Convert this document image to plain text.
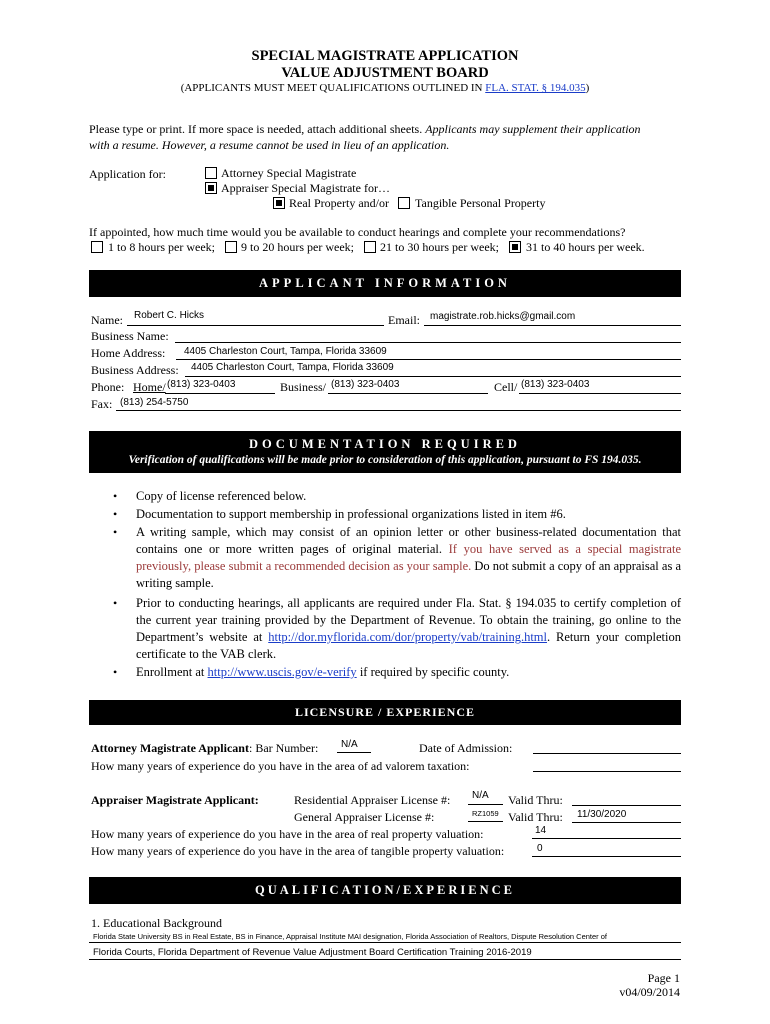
SPECIAL MAGISTRATE APPLICATION
VALUE ADJUSTMENT BOARD
(APPLICANTS MUST MEET QUALIFICATIONS OUTLINED IN FLA. STAT. § 194.035)
Please type or print. If more space is needed, attach additional sheets. Applicants may supplement their application
with a resume. However, a resume cannot be used in lieu of an application.
Application for:	Attorney Special Magistrate
Appraiser Special Magistrate for…
Real Property and/or Tangible Personal Property
If appointed, how much time would you be available to conduct hearings and complete your recommendations?
1 to 8 hours per week; 9 to 20 hours per week; 21 to 30 hours per week; 31 to 40 hours per week.
APPLICANT INFORMATION
Name: Robert C. Hicks	Email: magistrate.rob.hicks@gmail.com
Business Name:
Home Address: 4405 Charleston Court, Tampa, Florida 33609
Business Address: 4405 Charleston Court, Tampa, Florida 33609
Phone: Home/ (813) 323-0403	Business/ (813) 323-0403	Cell/ (813) 323-0403
Fax: (813) 254-5750
DOCUMENTATION REQUIRED
Verification of qualifications will be made prior to consideration of this application, pursuant to FS 194.035.
• Copy of license referenced below.
• Documentation to support membership in professional organizations listed in item #6.
• A writing sample, which may consist of an opinion letter or other business-related documentation that contains one or more written pages of original material. If you have served as a special magistrate previously, please submit a recommended decision as your sample. Do not submit a copy of an appraisal as a writing sample.
• Prior to conducting hearings, all applicants are required under Fla. Stat. § 194.035 to certify completion of the current year training provided by the Department of Revenue. To obtain the training, go online to the Department’s website at http://dor.myflorida.com/dor/property/vab/training.html. Return your completion certificate to the VAB clerk.
• Enrollment at http://www.uscis.gov/e-verify if required by specific county.
LICENSURE / EXPERIENCE
Attorney Magistrate Applicant: Bar Number: N/A	Date of Admission:
How many years of experience do you have in the area of ad valorem taxation:
Appraiser Magistrate Applicant:	Residential Appraiser License #: N/A Valid Thru:
General Appraiser License #:	RZ1059 Valid Thru: 11/30/2020
How many years of experience do you have in the area of real property valuation:	14
How many years of experience do you have in the area of tangible property valuation:	0
QUALIFICATION/EXPERIENCE
1. Educational Background
Florida State University BS in Real Estate, BS in Finance, Appraisal Institute MAI designation, Florida Association of Realtors, Dispute Resolution Center of
Florida Courts, Florida Department of Revenue Value Adjustment Board Certification Training 2016-2019
Page 1
v04/09/2014
